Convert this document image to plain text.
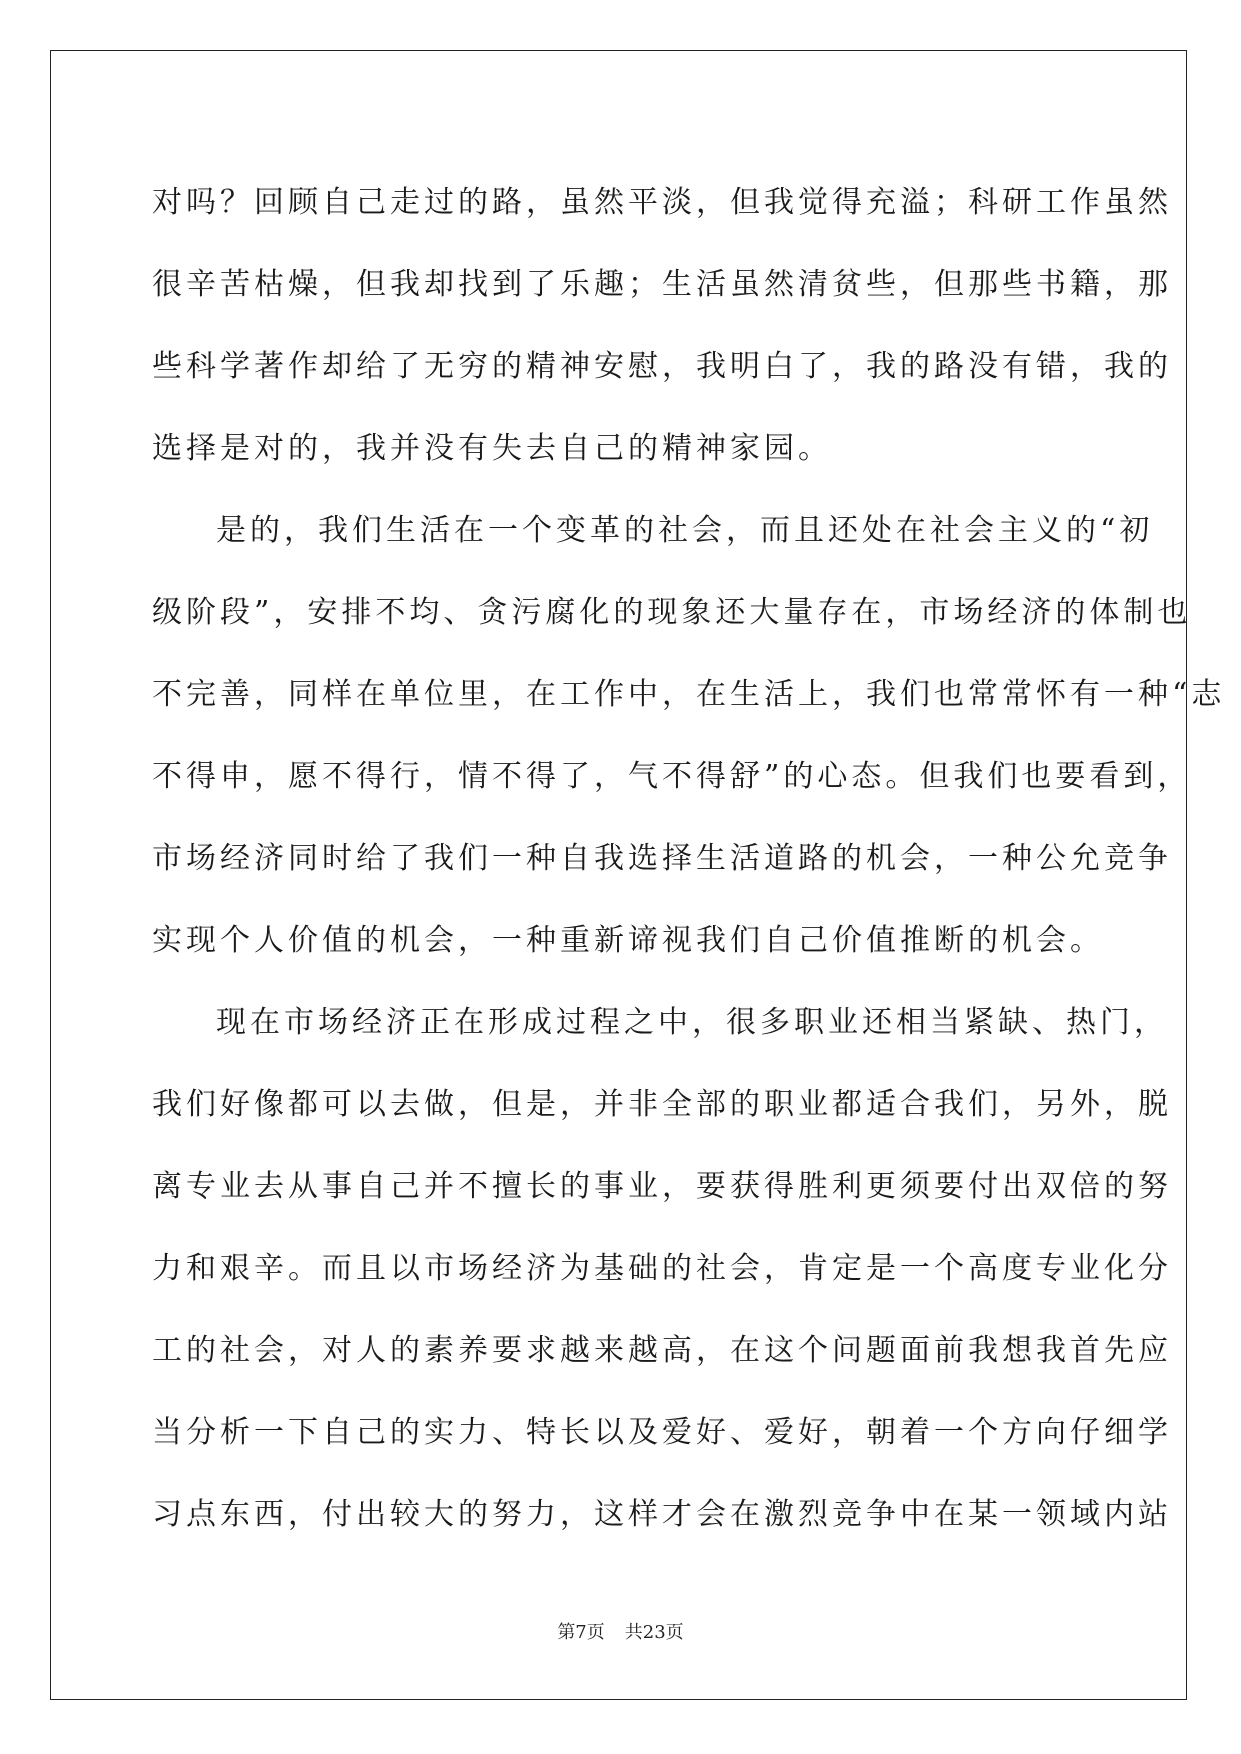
对吗？回顾自己走过的路，虽然平淡，但我觉得充溢；科研工作虽然
很辛苦枯燥，但我却找到了乐趣；生活虽然清贫些，但那些书籍，那
些科学著作却给了无穷的精神安慰，我明白了，我的路没有错，我的
选择是对的，我并没有失去自己的精神家园。
是的，我们生活在一个变革的社会，而且还处在社会主义的“初
级阶段”，安排不均、贪污腐化的现象还大量存在，市场经济的体制也
不完善，同样在单位里，在工作中，在生活上，我们也常常怀有一种“志
不得申，愿不得行，情不得了，气不得舒”的心态。但我们也要看到，
市场经济同时给了我们一种自我选择生活道路的机会，一种公允竞争
实现个人价值的机会，一种重新谛视我们自己价值推断的机会。
现在市场经济正在形成过程之中，很多职业还相当紧缺、热门，
我们好像都可以去做，但是，并非全部的职业都适合我们，另外，脱
离专业去从事自己并不擅长的事业，要获得胜利更须要付出双倍的努
力和艰辛。而且以市场经济为基础的社会，肯定是一个高度专业化分
工的社会，对人的素养要求越来越高，在这个问题面前我想我首先应
当分析一下自己的实力、特长以及爱好、爱好，朝着一个方向仔细学
习点东西，付出较大的努力，这样才会在激烈竞争中在某一领域内站
第7页 共23页
